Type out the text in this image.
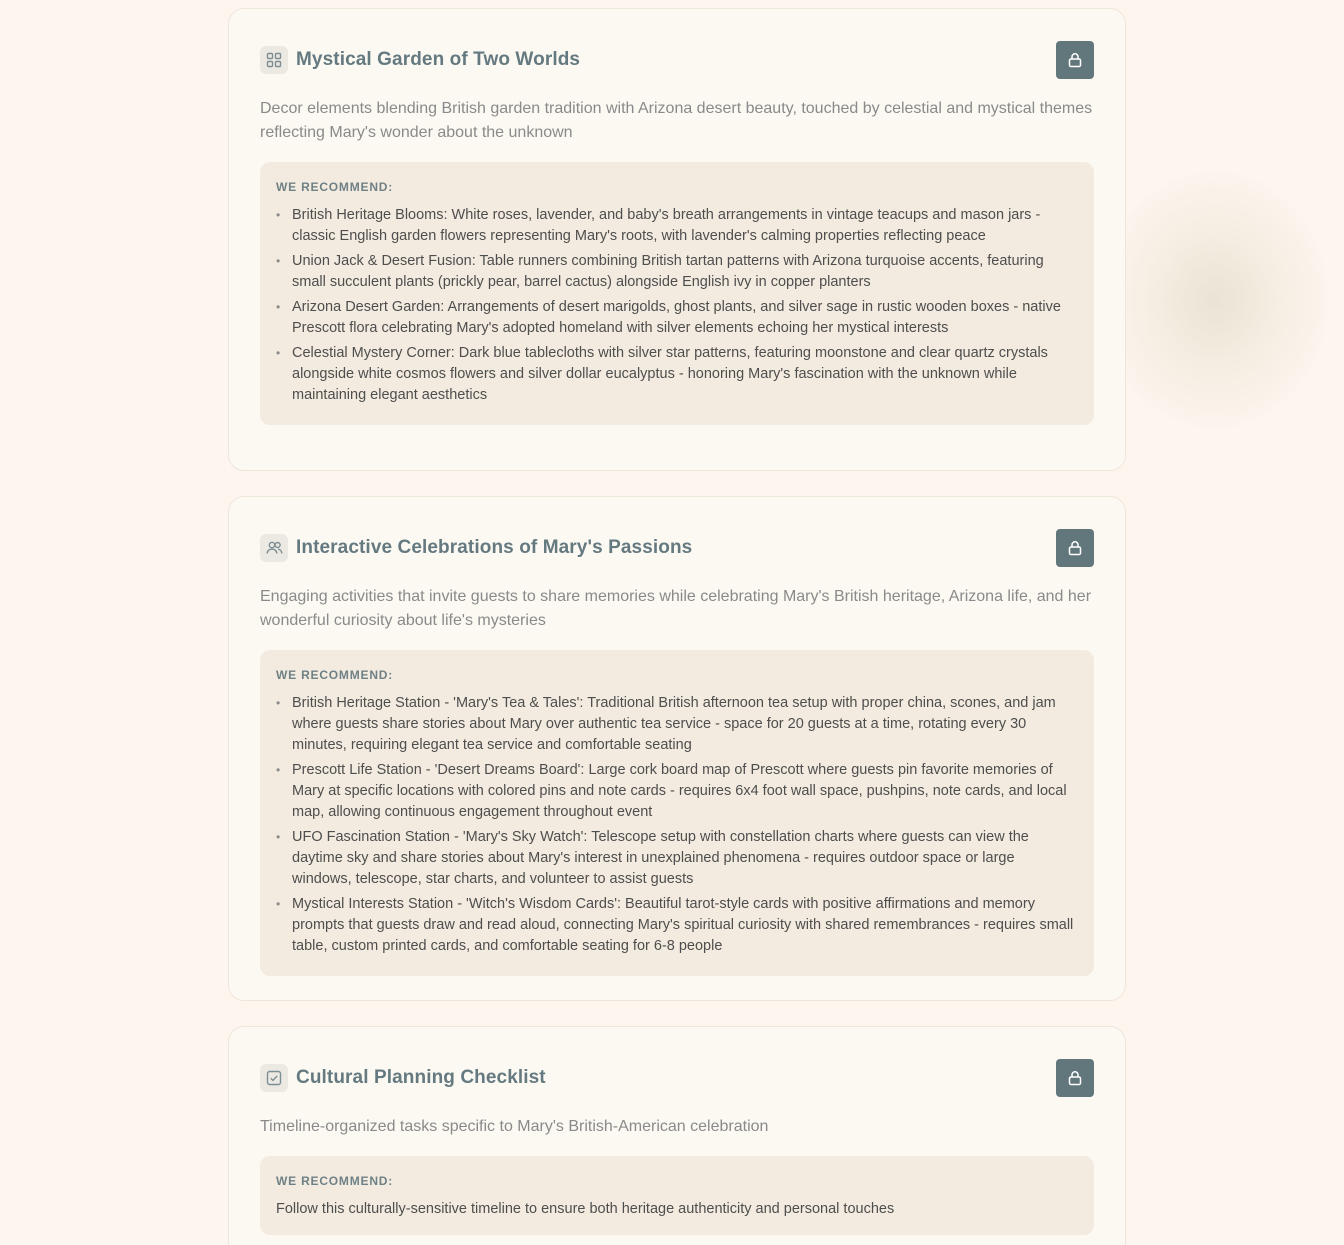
Mystical Garden of Two Worlds
Decor elements blending British garden tradition with Arizona desert beauty, touched by celestial and mystical themes reflecting Mary's wonder about the unknown
WE RECOMMEND:
• British Heritage Blooms: White roses, lavender, and baby's breath arrangements in vintage teacups and mason jars - classic English garden flowers representing Mary's roots, with lavender's calming properties reflecting peace
• Union Jack & Desert Fusion: Table runners combining British tartan patterns with Arizona turquoise accents, featuring small succulent plants (prickly pear, barrel cactus) alongside English ivy in copper planters
• Arizona Desert Garden: Arrangements of desert marigolds, ghost plants, and silver sage in rustic wooden boxes - native Prescott flora celebrating Mary's adopted homeland with silver elements echoing her mystical interests
• Celestial Mystery Corner: Dark blue tablecloths with silver star patterns, featuring moonstone and clear quartz crystals alongside white cosmos flowers and silver dollar eucalyptus - honoring Mary's fascination with the unknown while maintaining elegant aesthetics
Interactive Celebrations of Mary's Passions
Engaging activities that invite guests to share memories while celebrating Mary's British heritage, Arizona life, and her wonderful curiosity about life's mysteries
WE RECOMMEND:
• British Heritage Station - 'Mary's Tea & Tales': Traditional British afternoon tea setup with proper china, scones, and jam where guests share stories about Mary over authentic tea service - space for 20 guests at a time, rotating every 30 minutes, requiring elegant tea service and comfortable seating
• Prescott Life Station - 'Desert Dreams Board': Large cork board map of Prescott where guests pin favorite memories of Mary at specific locations with colored pins and note cards - requires 6x4 foot wall space, pushpins, note cards, and local map, allowing continuous engagement throughout event
• UFO Fascination Station - 'Mary's Sky Watch': Telescope setup with constellation charts where guests can view the daytime sky and share stories about Mary's interest in unexplained phenomena - requires outdoor space or large windows, telescope, star charts, and volunteer to assist guests
• Mystical Interests Station - 'Witch's Wisdom Cards': Beautiful tarot-style cards with positive affirmations and memory prompts that guests draw and read aloud, connecting Mary's spiritual curiosity with shared remembrances - requires small table, custom printed cards, and comfortable seating for 6-8 people
Cultural Planning Checklist
Timeline-organized tasks specific to Mary's British-American celebration
WE RECOMMEND:
Follow this culturally-sensitive timeline to ensure both heritage authenticity and personal touches
